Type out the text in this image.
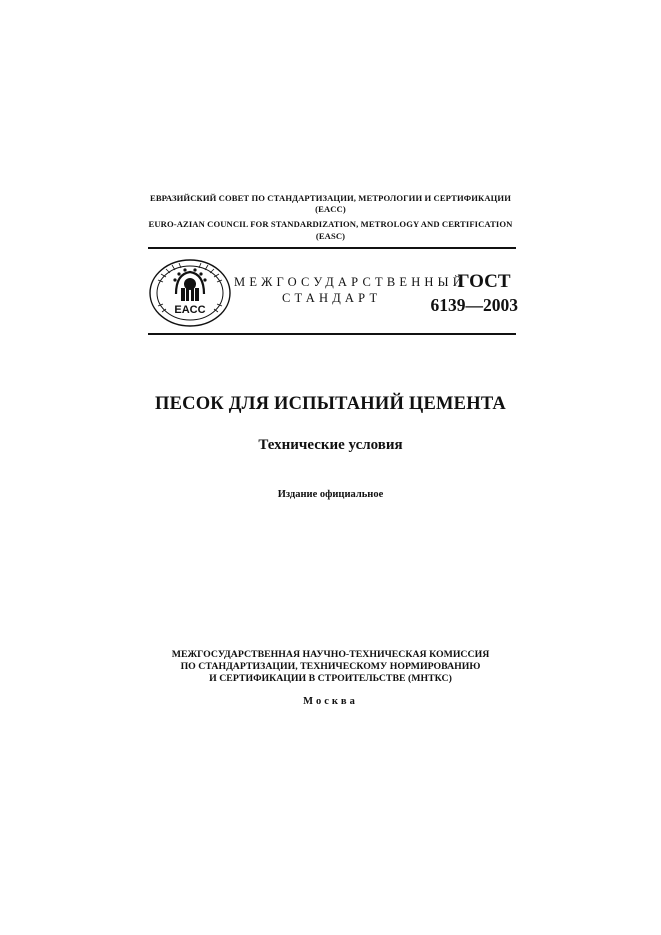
ЕВРАЗИЙСКИЙ СОВЕТ ПО СТАНДАРТИЗАЦИИ, МЕТРОЛОГИИ И СЕРТИФИКАЦИИ
(EACC)
EURO-AZIAN COUNCIL FOR STANDARDIZATION, METROLOGY AND CERTIFICATION
(EASC)
EACC
МЕЖГОСУДАРСТВЕННЫЙ
СТАНДАРТ
ГОСТ
6139—2003
ПЕСОК ДЛЯ ИСПЫТАНИЙ ЦЕМЕНТА
Технические условия
Издание официальное
МЕЖГОСУДАРСТВЕННАЯ НАУЧНО-ТЕХНИЧЕСКАЯ КОМИССИЯ
ПО СТАНДАРТИЗАЦИИ, ТЕХНИЧЕСКОМУ НОРМИРОВАНИЮ
И СЕРТИФИКАЦИИ В СТРОИТЕЛЬСТВЕ (МНТКС)
Москва
